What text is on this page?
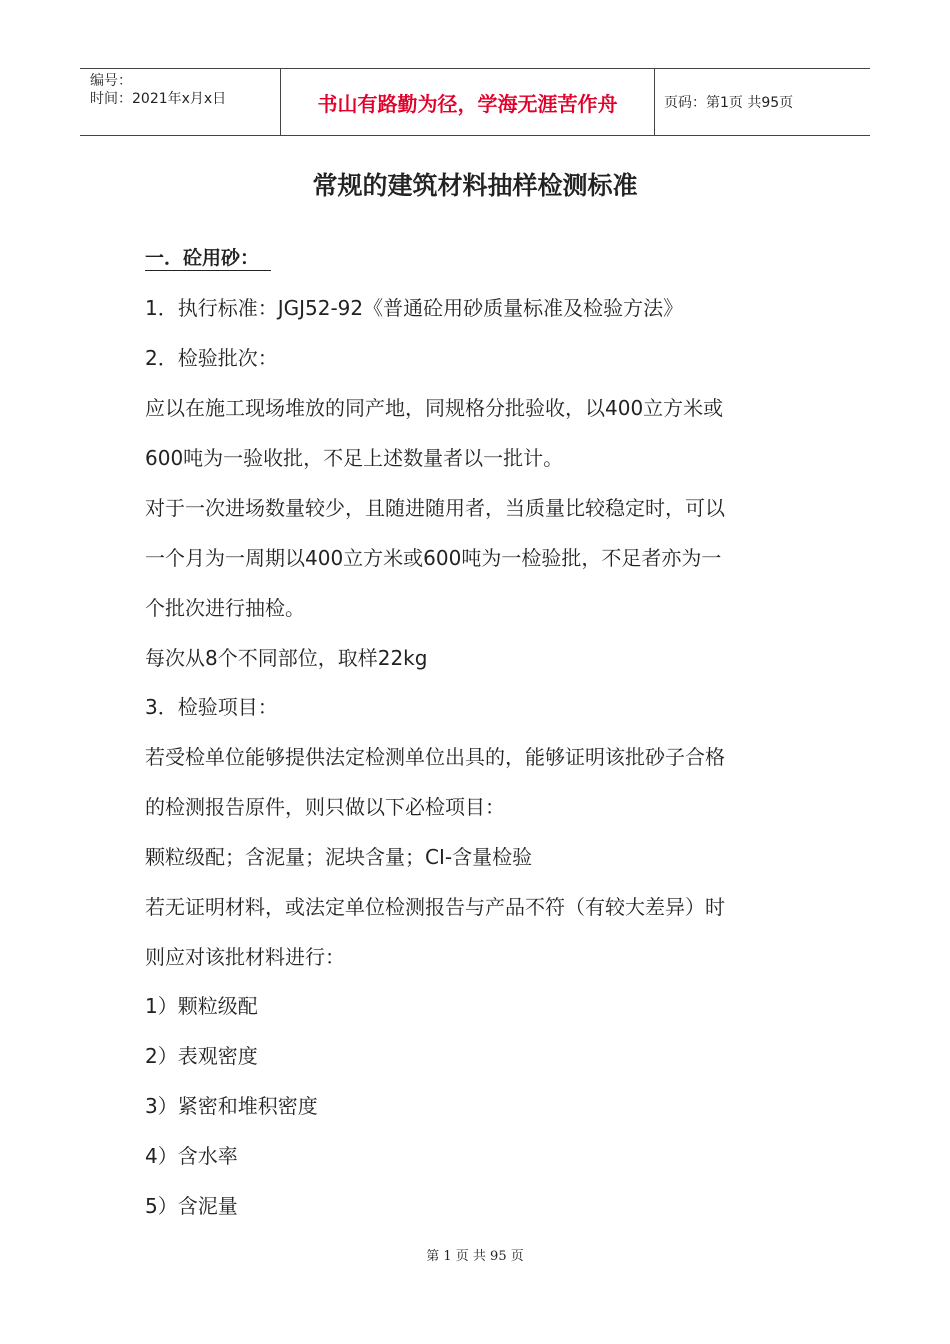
编号：
时间：2021年x月x日	书山有路勤为径，学海无涯苦作舟	页码：第1页 共95页
常规的建筑材料抽样检测标准
一．砼用砂：
1．执行标准：JGJ52-92《普通砼用砂质量标准及检验方法》
2．检验批次：
应以在施工现场堆放的同产地，同规格分批验收，以400立方米或
600吨为一验收批，不足上述数量者以一批计。
对于一次进场数量较少，且随进随用者，当质量比较稳定时，可以
一个月为一周期以400立方米或600吨为一检验批，不足者亦为一
个批次进行抽检。
每次从8个不同部位，取样22kg
3．检验项目：
若受检单位能够提供法定检测单位出具的，能够证明该批砂子合格
的检测报告原件，则只做以下必检项目：
颗粒级配；含泥量；泥块含量；CI-含量检验
若无证明材料，或法定单位检测报告与产品不符（有较大差异）时
则应对该批材料进行：
1）颗粒级配
2）表观密度
3）紧密和堆积密度
4）含水率
5）含泥量
第 1 页 共 95 页
